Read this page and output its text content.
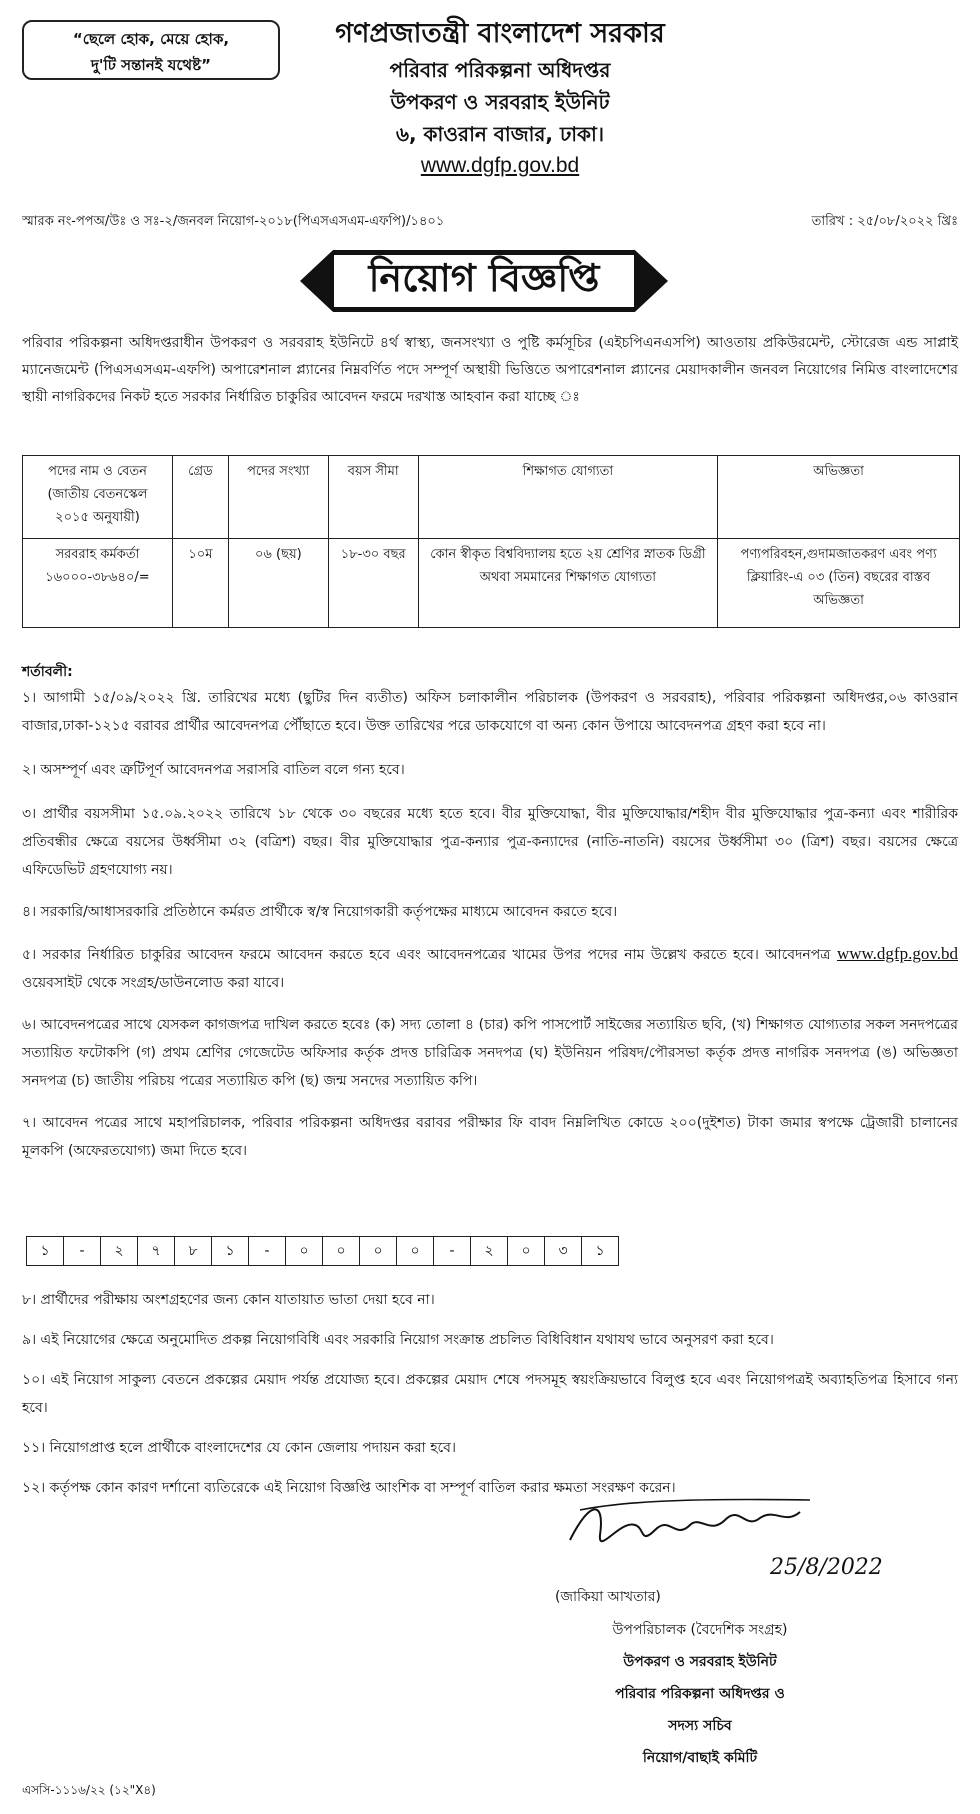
“ছেলে হোক, মেয়ে হোক,
দু'টি সন্তানই যথেষ্ট”
গণপ্রজাতন্ত্রী বাংলাদেশ সরকার
পরিবার পরিকল্পনা অধিদপ্তর
উপকরণ ও সরবরাহ ইউনিট
৬, কাওরান বাজার, ঢাকা।
www.dgfp.gov.bd
স্মারক নং-পপঅ/উঃ ও সঃ-২/জনবল নিয়োগ-২০১৮(পিএসএসএম-এফপি)/১৪০১	তারিখ : ২৫/০৮/২০২২ খ্রিঃ
নিয়োগ বিজ্ঞপ্তি

পরিবার পরিকল্পনা অধিদপ্তরাধীন উপকরণ ও সরবরাহ ইউনিটে ৪র্থ স্বাস্থ্য, জনসংখ্যা ও পুষ্টি কর্মসূচির (এইচপিএনএসপি) আওতায় প্রকিউরমেন্ট, স্টোরেজ এন্ড সাপ্লাই ম্যানেজমেন্ট (পিএসএসএম-এফপি) অপারেশনাল প্ল্যানের নিম্নবর্ণিত পদে সম্পূর্ণ অস্থায়ী ভিত্তিতে অপারেশনাল প্ল্যানের মেয়াদকালীন জনবল নিয়োগের নিমিত্ত বাংলাদেশের স্থায়ী নাগরিকদের নিকট হতে সরকার নির্ধারিত চাকুরির আবেদন ফরমে দরখাস্ত আহবান করা যাচ্ছে ঃ

পদের নাম ও বেতন (জাতীয় বেতনস্কেল ২০১৫ অনুযায়ী)	গ্রেড	পদের সংখ্যা	বয়স সীমা	শিক্ষাগত যোগ্যতা	অভিজ্ঞতা
সরবরাহ কর্মকর্তা ১৬০০০-৩৮৬৪০/=	১০ম	০৬ (ছয়)	১৮-৩০ বছর	কোন স্বীকৃত বিশ্ববিদ্যালয় হতে ২য় শ্রেণির স্নাতক ডিগ্রী অথবা সমমানের শিক্ষাগত যোগ্যতা	পণ্যপরিবহন,গুদামজাতকরণ এবং পণ্য ক্লিয়ারিং-এ ০৩ (তিন) বছরের বাস্তব অভিজ্ঞতা
শর্তাবলী:

১। আগামী ১৫/০৯/২০২২ খ্রি. তারিখের মধ্যে (ছুটির দিন ব্যতীত) অফিস চলাকালীন পরিচালক (উপকরণ ও সরবরাহ), পরিবার পরিকল্পনা অধিদপ্তর,০৬ কাওরান বাজার,ঢাকা-১২১৫ বরাবর প্রার্থীর আবেদনপত্র পৌঁছাতে হবে। উক্ত তারিখের পরে ডাকযোগে বা অন্য কোন উপায়ে আবেদনপত্র গ্রহণ করা হবে না।

২। অসম্পূর্ণ এবং ত্রুটিপূর্ণ আবেদনপত্র সরাসরি বাতিল বলে গন্য হবে।

৩। প্রার্থীর বয়সসীমা ১৫.০৯.২০২২ তারিখে ১৮ থেকে ৩০ বছরের মধ্যে হতে হবে। বীর মুক্তিযোদ্ধা, বীর মুক্তিযোদ্ধার/শহীদ বীর মুক্তিযোদ্ধার পুত্র-কন্যা এবং শারীরিক প্রতিবন্ধীর ক্ষেত্রে বয়সের উর্ধ্বসীমা ৩২ (বত্রিশ) বছর। বীর মুক্তিযোদ্ধার পুত্র-কন্যার পুত্র-কন্যাদের (নাতি-নাতনি) বয়সের উর্ধ্বসীমা ৩০ (ত্রিশ) বছর। বয়সের ক্ষেত্রে এফিডেভিট গ্রহণযোগ্য নয়।

৪। সরকারি/আধাসরকারি প্রতিষ্ঠানে কর্মরত প্রার্থীকে স্ব/স্ব নিয়োগকারী কর্তৃপক্ষের মাধ্যমে আবেদন করতে হবে।

৫। সরকার নির্ধারিত চাকুরির আবেদন ফরমে আবেদন করতে হবে এবং আবেদনপত্রের খামের উপর পদের নাম উল্লেখ করতে হবে। আবেদনপত্র www.dgfp.gov.bd ওয়েবসাইট থেকে সংগ্রহ/ডাউনলোড করা যাবে।

৬। আবেদনপত্রের সাথে যেসকল কাগজপত্র দাখিল করতে হবেঃ (ক) সদ্য তোলা ৪ (চার) কপি পাসপোর্ট সাইজের সত্যায়িত ছবি, (খ) শিক্ষাগত যোগ্যতার সকল সনদপত্রের সত্যায়িত ফটোকপি (গ) প্রথম শ্রেণির গেজেটেড অফিসার কর্তৃক প্রদত্ত চারিত্রিক সনদপত্র (ঘ) ইউনিয়ন পরিষদ/পৌরসভা কর্তৃক প্রদত্ত নাগরিক সনদপত্র (ঙ) অভিজ্ঞতা সনদপত্র (চ) জাতীয় পরিচয় পত্রের সত্যায়িত কপি (ছ) জন্ম সনদের সত্যায়িত কপি।

৭। আবেদন পত্রের সাথে মহাপরিচালক, পরিবার পরিকল্পনা অধিদপ্তর বরাবর পরীক্ষার ফি বাবদ নিম্নলিখিত কোডে ২০০(দুইশত) টাকা জমার স্বপক্ষে ট্রেজারী চালানের মূলকপি (অফেরতযোগ্য) জমা দিতে হবে।

১	-	২	৭	৮	১	-	০	০	০	০	-	২	০	৩	১

৮। প্রার্থীদের পরীক্ষায় অংশগ্রহণের জন্য কোন যাতায়াত ভাতা দেয়া হবে না।

৯। এই নিয়োগের ক্ষেত্রে অনুমোদিত প্রকল্প নিয়োগবিধি এবং সরকারি নিয়োগ সংক্রান্ত প্রচলিত বিধিবিধান যথাযথ ভাবে অনুসরণ করা হবে।

১০। এই নিয়োগ সাকুল্য বেতনে প্রকল্পের মেয়াদ পর্যন্ত প্রযোজ্য হবে। প্রকল্পের মেয়াদ শেষে পদসমূহ স্বয়ংক্রিয়ভাবে বিলুপ্ত হবে এবং নিয়োগপত্রই অব্যাহতিপত্র হিসাবে গন্য হবে।

১১। নিয়োগপ্রাপ্ত হলে প্রার্থীকে বাংলাদেশের যে কোন জেলায় পদায়ন করা হবে।

১২। কর্তৃপক্ষ কোন কারণ দর্শানো ব্যতিরেকে এই নিয়োগ বিজ্ঞপ্তি আংশিক বা সম্পূর্ণ বাতিল করার ক্ষমতা সংরক্ষণ করেন।

25/8/2022
(জাকিয়া আখতার)
উপপরিচালক (বৈদেশিক সংগ্রহ)
উপকরণ ও সরবরাহ ইউনিট
পরিবার পরিকল্পনা অধিদপ্তর ও
সদস্য সচিব
নিয়োগ/বাছাই কমিটি
এসসি-১১১৬/২২ (১২"X৪)
